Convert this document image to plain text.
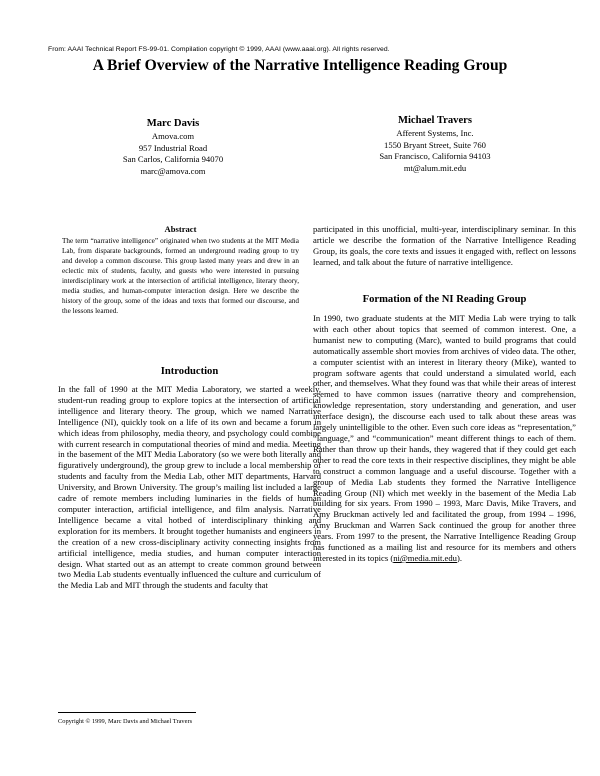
From: AAAI Technical Report FS-99-01. Compilation copyright © 1999, AAAI (www.aaai.org). All rights reserved.
A Brief Overview of the Narrative Intelligence Reading Group
Marc Davis
Amova.com
957 Industrial Road
San Carlos, California 94070
marc@amova.com
Michael Travers
Afferent Systems, Inc.
1550 Bryant Street, Suite 760
San Francisco, California 94103
mt@alum.mit.edu
Abstract

The term “narrative intelligence” originated when two students at the MIT Media Lab, from disparate backgrounds, formed an underground reading group to try and develop a common discourse. This group lasted many years and drew in an eclectic mix of students, faculty, and guests who were interested in pursuing interdisciplinary work at the intersection of artificial intelligence, literary theory, media studies, and human-computer interaction design. Here we describe the history of the group, some of the ideas and texts that formed our discourse, and the lessons learned.

Introduction

In the fall of 1990 at the MIT Media Laboratory, we started a weekly, student-run reading group to explore topics at the intersection of artificial intelligence and literary theory. The group, which we named Narrative Intelligence (NI), quickly took on a life of its own and became a forum in which ideas from philosophy, media theory, and psychology could combine with current research in computational theories of mind and media. Meeting in the basement of the MIT Media Laboratory (so we were both literally and figuratively underground), the group grew to include a local membership of students and faculty from the Media Lab, other MIT departments, Harvard University, and Brown University. The group’s mailing list included a large cadre of remote members including luminaries in the fields of human computer interaction, artificial intelligence, and film analysis. Narrative Intelligence became a vital hotbed of interdisciplinary thinking and exploration for its members. It brought together humanists and engineers in the creation of a new cross-disciplinary activity connecting insights from artificial intelligence, media studies, and human computer interaction design. What started out as an attempt to create common ground between two Media Lab students eventually influenced the culture and curriculum of the Media Lab and MIT through the students and faculty that

participated in this unofficial, multi-year, interdisciplinary seminar. In this article we describe the formation of the Narrative Intelligence Reading Group, its goals, the core texts and issues it engaged with, reflect on lessons learned, and talk about the future of narrative intelligence.

Formation of the NI Reading Group

In 1990, two graduate students at the MIT Media Lab were trying to talk with each other about topics that seemed of common interest. One, a humanist new to computing (Marc), wanted to build programs that could automatically assemble short movies from archives of video data. The other, a computer scientist with an interest in literary theory (Mike), wanted to program software agents that could understand a simulated world, each other, and themselves. What they found was that while their areas of interest seemed to have common issues (narrative theory and comprehension, knowledge representation, story understanding and generation, and user interface design), the discourse each used to talk about these areas was largely unintelligible to the other. Even such core ideas as “representation,” “language,” and “communication” meant different things to each of them. Rather than throw up their hands, they wagered that if they could get each other to read the core texts in their respective disciplines, they might be able to construct a common language and a useful discourse. Together with a group of Media Lab students they formed the Narrative Intelligence Reading Group (NI) which met weekly in the basement of the Media Lab building for six years. From 1990 – 1993, Marc Davis, Mike Travers, and Amy Bruckman actively led and facilitated the group, from 1994 – 1996, Amy Bruckman and Warren Sack continued the group for another three years. From 1997 to the present, the Narrative Intelligence Reading Group has functioned as a mailing list and resource for its members and others interested in its topics (ni@media.mit.edu).

Copyright © 1999, Marc Davis and Michael Travers
